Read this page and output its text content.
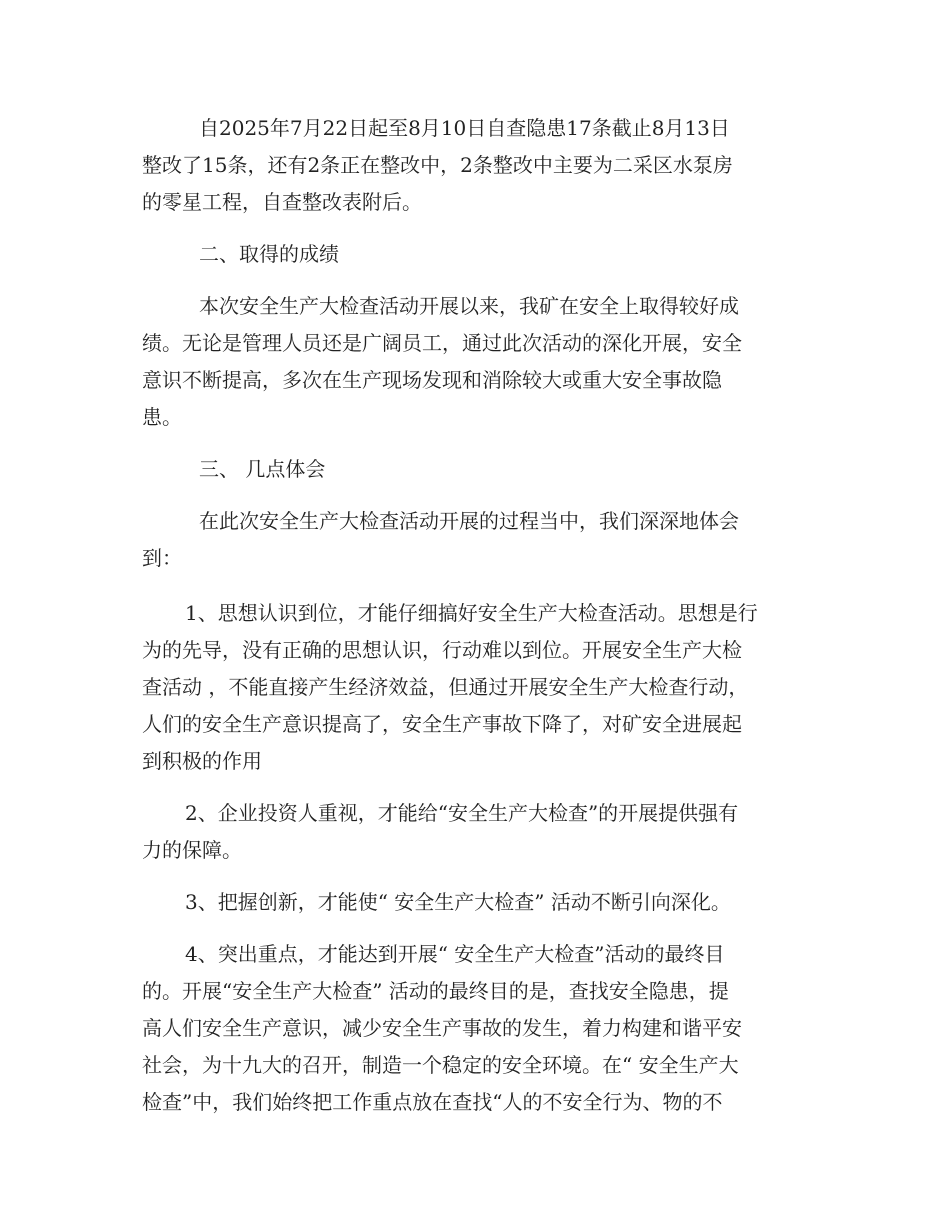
自2025年7月22日起至8月10日自查隐患17条截止8月13日

整改了15条，还有2条正在整改中，2条整改中主要为二采区水泵房

的零星工程，自查整改表附后。

二、取得的成绩

本次安全生产大检查活动开展以来，我矿在安全上取得较好成

绩。无论是管理人员还是广阔员工，通过此次活动的深化开展，安全

意识不断提高，多次在生产现场发现和消除较大或重大安全事故隐

患。

三、 几点体会

在此次安全生产大检查活动开展的过程当中，我们深深地体会

到：

1、思想认识到位，才能仔细搞好安全生产大检查活动。思想是行

为的先导，没有正确的思想认识，行动难以到位。开展安全生产大检

查活动 ，不能直接产生经济效益，但通过开展安全生产大检查行动，

人们的安全生产意识提高了，安全生产事故下降了，对矿安全进展起

到积极的作用

2、企业投资人重视，才能给“安全生产大检查”的开展提供强有

力的保障。

3、把握创新，才能使“ 安全生产大检查” 活动不断引向深化。

4、突出重点，才能达到开展“ 安全生产大检查”活动的最终目

的。开展“安全生产大检查” 活动的最终目的是，查找安全隐患，提

高人们安全生产意识，减少安全生产事故的发生，着力构建和谐平安

社会，为十九大的召开，制造一个稳定的安全环境。在“ 安全生产大

检查”中，我们始终把工作重点放在查找“人的不安全行为、物的不
